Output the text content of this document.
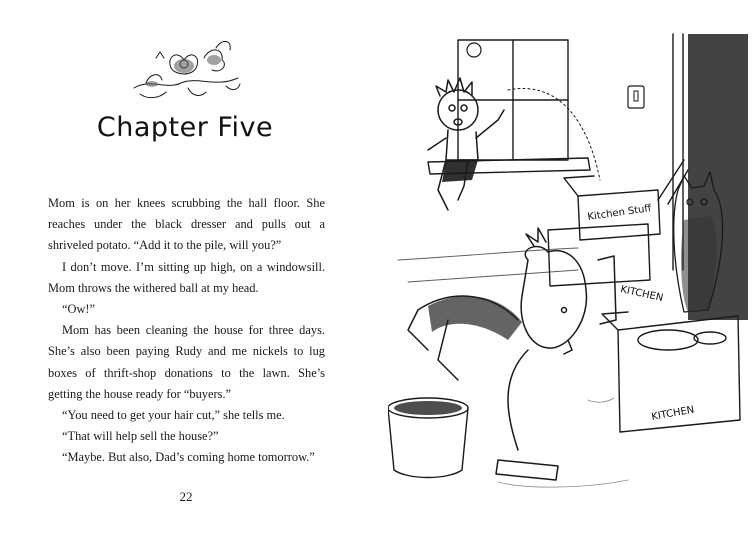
Chapter Five

Mom is on her knees scrubbing the hall floor. She reaches under the black dresser and pulls out a shriveled potato. “Add it to the pile, will you?”

I don’t move. I’m sitting up high, on a windowsill. Mom throws the withered ball at my head.

“Ow!”

Mom has been cleaning the house for three days. She’s also been paying Rudy and me nickels to lug boxes of thrift-shop donations to the lawn. She’s getting the house ready for “buyers.”

“You need to get your hair cut,” she tells me.

“That will help sell the house?”

“Maybe. But also, Dad’s coming home tomorrow.”

22
Kitchen Stuff
KITCHEN
KITCHEN
